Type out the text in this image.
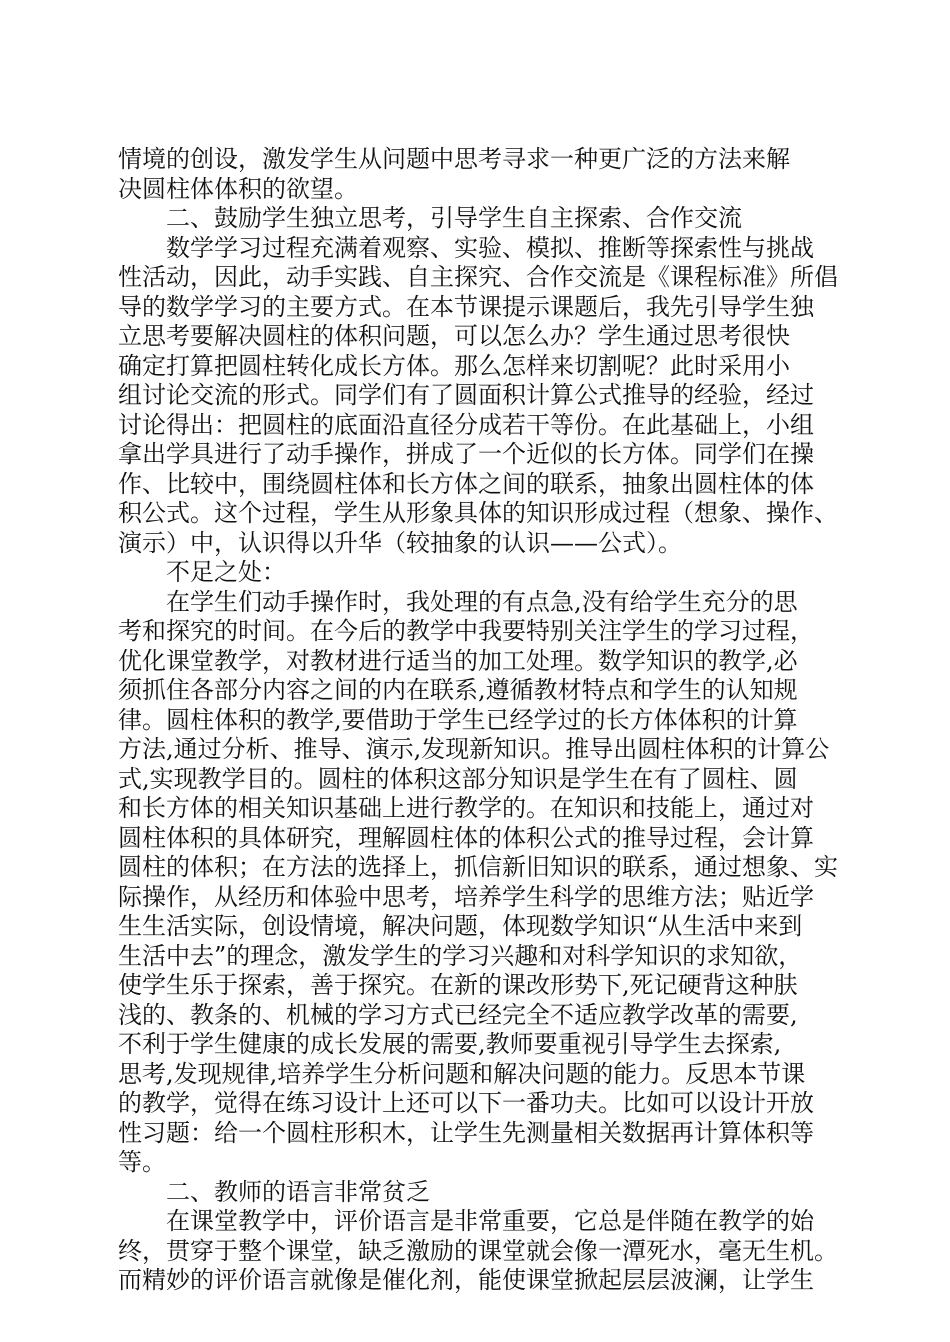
情境的创设，激发学生从问题中思考寻求一种更广泛的方法来解
决圆柱体体积的欲望。
　　二、鼓励学生独立思考，引导学生自主探索、合作交流
　　数学学习过程充满着观察、实验、模拟、推断等探索性与挑战
性活动，因此，动手实践、自主探究、合作交流是《课程标准》所倡
导的数学学习的主要方式。在本节课提示课题后，我先引导学生独
立思考要解决圆柱的体积问题，可以怎么办？学生通过思考很快
确定打算把圆柱转化成长方体。那么怎样来切割呢？此时采用小
组讨论交流的形式。同学们有了圆面积计算公式推导的经验，经过
讨论得出：把圆柱的底面沿直径分成若干等份。在此基础上，小组
拿出学具进行了动手操作，拼成了一个近似的长方体。同学们在操
作、比较中，围绕圆柱体和长方体之间的联系，抽象出圆柱体的体
积公式。这个过程，学生从形象具体的知识形成过程（想象、操作、
演示）中，认识得以升华（较抽象的认识——公式）。
　　不足之处：
　　在学生们动手操作时，我处理的有点急,没有给学生充分的思
考和探究的时间。在今后的教学中我要特别关注学生的学习过程，
优化课堂教学，对教材进行适当的加工处理。数学知识的教学,必
须抓住各部分内容之间的内在联系,遵循教材特点和学生的认知规
律。圆柱体积的教学,要借助于学生已经学过的长方体体积的计算
方法,通过分析、推导、演示,发现新知识。推导出圆柱体积的计算公
式,实现教学目的。圆柱的体积这部分知识是学生在有了圆柱、圆
和长方体的相关知识基础上进行教学的。在知识和技能上，通过对
圆柱体积的具体研究，理解圆柱体的体积公式的推导过程，会计算
圆柱的体积；在方法的选择上，抓信新旧知识的联系，通过想象、实
际操作，从经历和体验中思考，培养学生科学的思维方法；贴近学
生生活实际，创设情境，解决问题，体现数学知识“从生活中来到
生活中去”的理念，激发学生的学习兴趣和对科学知识的求知欲，
使学生乐于探索，善于探究。在新的课改形势下,死记硬背这种肤
浅的、教条的、机械的学习方式已经完全不适应教学改革的需要,
不利于学生健康的成长发展的需要,教师要重视引导学生去探索,
思考,发现规律,培养学生分析问题和解决问题的能力。反思本节课
的教学，觉得在练习设计上还可以下一番功夫。比如可以设计开放
性习题：给一个圆柱形积木，让学生先测量相关数据再计算体积等
等。
　　二、教师的语言非常贫乏
　　在课堂教学中，评价语言是非常重要，它总是伴随在教学的始
终，贯穿于整个课堂，缺乏激励的课堂就会像一潭死水，毫无生机。
而精妙的评价语言就像是催化剂，能使课堂掀起层层波澜，让学生
